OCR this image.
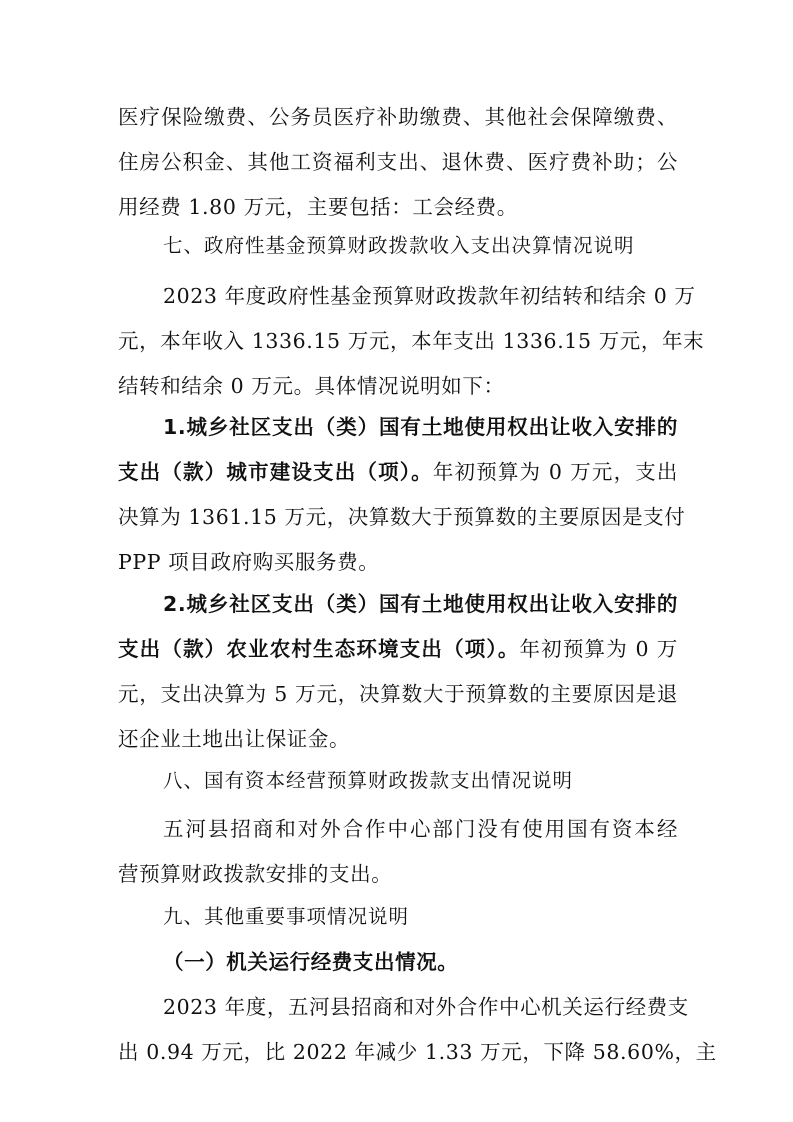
医疗保险缴费、公务员医疗补助缴费、其他社会保障缴费、
住房公积金、其他工资福利支出、退休费、医疗费补助；公
用经费 1.80 万元，主要包括：工会经费。
七、政府性基金预算财政拨款收入支出决算情况说明
2023 年度政府性基金预算财政拨款年初结转和结余 0 万
元，本年收入 1336.15 万元，本年支出 1336.15 万元，年末
结转和结余 0 万元。具体情况说明如下：
1.城乡社区支出（类）国有土地使用权出让收入安排的
支出（款）城市建设支出（项）。年初预算为 0 万元，支出
决算为 1361.15 万元，决算数大于预算数的主要原因是支付
PPP 项目政府购买服务费。
2.城乡社区支出（类）国有土地使用权出让收入安排的
支出（款）农业农村生态环境支出（项）。年初预算为 0 万
元，支出决算为 5 万元，决算数大于预算数的主要原因是退
还企业土地出让保证金。
八、国有资本经营预算财政拨款支出情况说明
五河县招商和对外合作中心部门没有使用国有资本经
营预算财政拨款安排的支出。
九、其他重要事项情况说明
（一）机关运行经费支出情况。
2023 年度，五河县招商和对外合作中心机关运行经费支
出 0.94 万元，比 2022 年减少 1.33 万元，下降 58.60%，主
